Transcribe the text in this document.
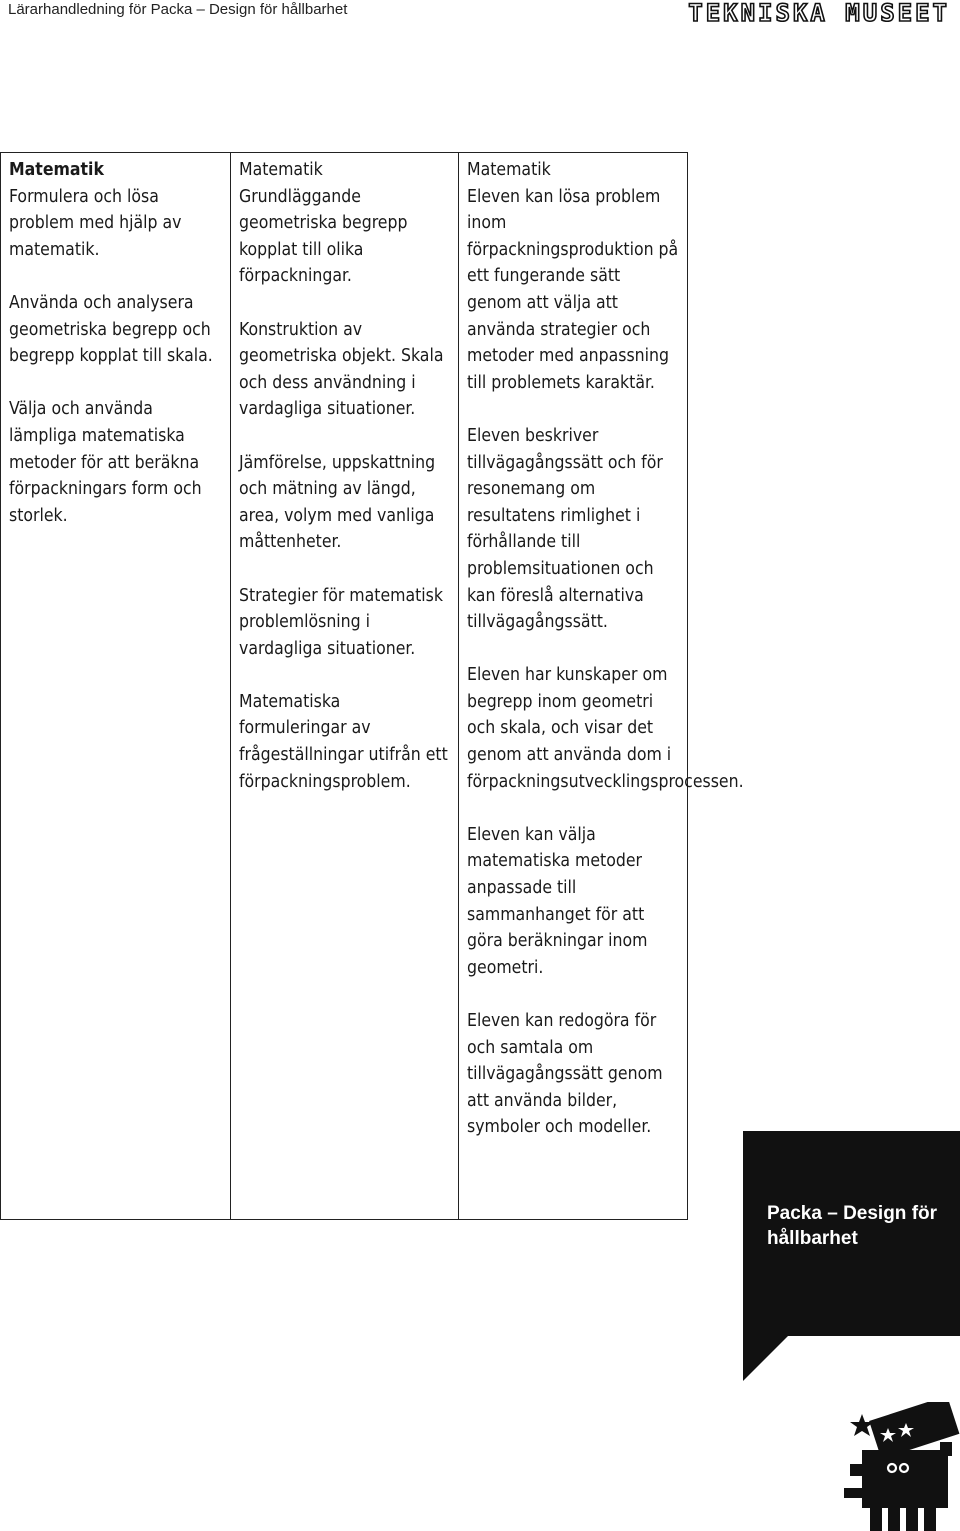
Lärarhandledning för Packa – Design för hållbarhet	TEKNISKA MUSEET

Matematik
Formulera och lösa problem med hjälp av matematik.

Använda och analysera geometriska begrepp och begrepp kopplat till skala.

Välja och använda lämpliga matematiska metoder för att beräkna förpackningars form och storlek.

Matematik
Grundläggande geometriska begrepp kopplat till olika förpackningar.

Konstruktion av geometriska objekt. Skala och dess användning i vardagliga situationer.

Jämförelse, uppskattning och mätning av längd, area, volym med vanliga måttenheter.

Strategier för matematisk problemlösning i vardagliga situationer.

Matematiska formuleringar av frågeställningar utifrån ett förpackningsproblem.

Matematik
Eleven kan lösa problem inom förpackningsproduktion på ett fungerande sätt genom att välja att använda strategier och metoder med anpassning till problemets karaktär.

Eleven beskriver tillvägagångssätt och för resonemang om resultatens rimlighet i förhållande till problemsituationen och kan föreslå alternativa tillvägagångssätt.

Eleven har kunskaper om begrepp inom geometri och skala, och visar det genom att använda dom i förpackningsutvecklingsprocessen.

Eleven kan välja matematiska metoder anpassade till sammanhanget för att göra beräkningar inom geometri.

Eleven kan redogöra för och samtala om tillvägagångssätt genom att använda bilder, symboler och modeller.

Packa – Design för hållbarhet
